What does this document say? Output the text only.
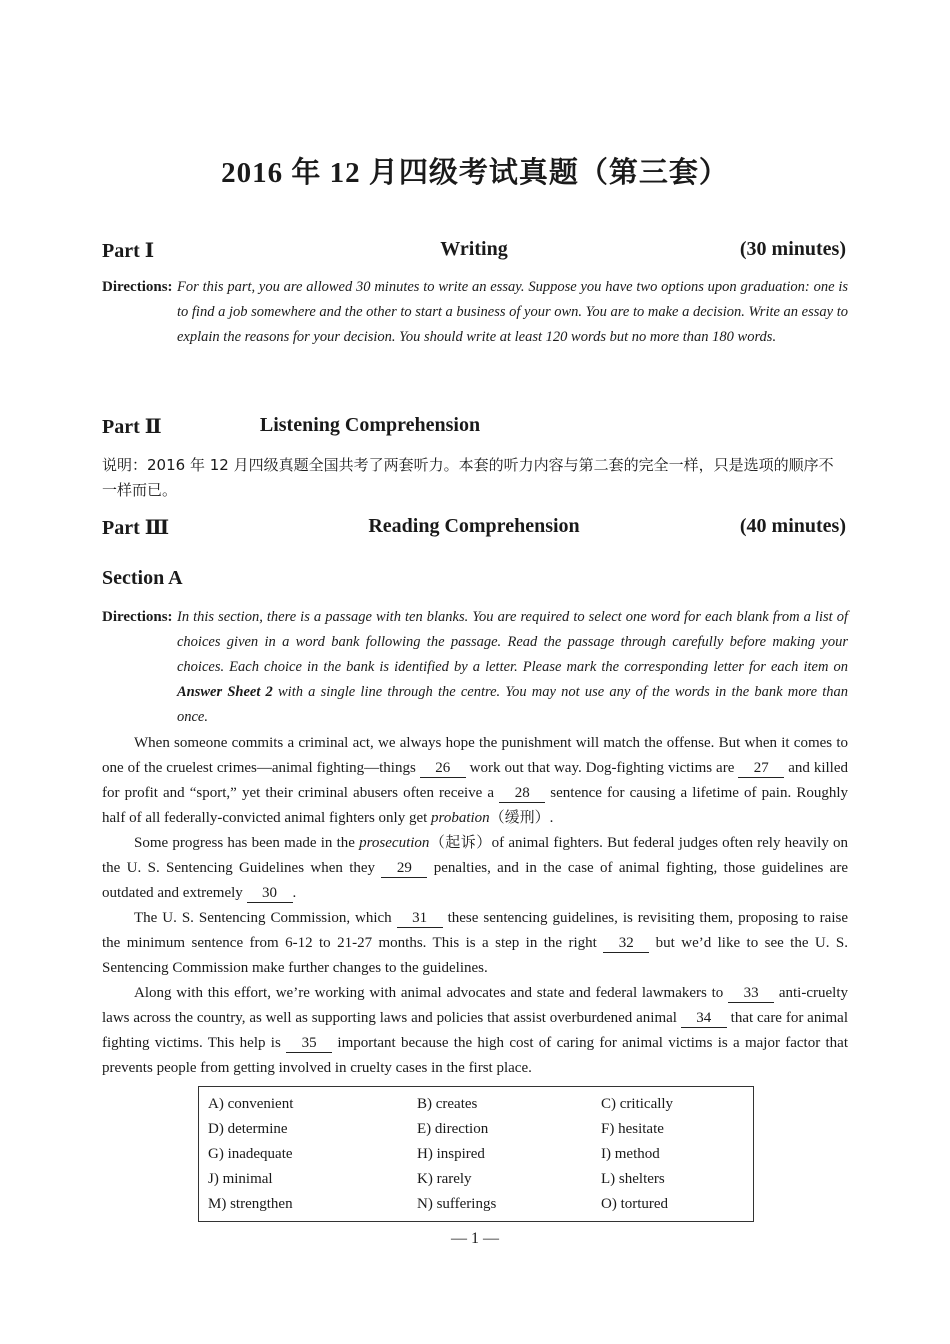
2016 年 12 月四级考试真题（第三套）
Part Ⅰ	Writing	(30 minutes)
Directions: For this part, you are allowed 30 minutes to write an essay. Suppose you have two options upon graduation: one is to find a job somewhere and the other to start a business of your own. You are to make a decision. Write an essay to explain the reasons for your decision. You should write at least 120 words but no more than 180 words.
Part Ⅱ	Listening Comprehension
说明：2016 年 12 月四级真题全国共考了两套听力。本套的听力内容与第二套的完全一样，只是选项的顺序不一样而已。
Part Ⅲ	Reading Comprehension	(40 minutes)
Section A
Directions: In this section, there is a passage with ten blanks. You are required to select one word for each blank from a list of choices given in a word bank following the passage. Read the passage through carefully before making your choices. Each choice in the bank is identified by a letter. Please mark the corresponding letter for each item on Answer Sheet 2 with a single line through the centre. You may not use any of the words in the bank more than once.

When someone commits a criminal act, we always hope the punishment will match the offense. But when it comes to one of the cruelest crimes—animal fighting—things 26 work out that way. Dog-fighting victims are 27 and killed for profit and “sport,” yet their criminal abusers often receive a 28 sentence for causing a lifetime of pain. Roughly half of all federally-convicted animal fighters only get probation（缓刑）.

Some progress has been made in the prosecution（起诉）of animal fighters. But federal judges often rely heavily on the U. S. Sentencing Guidelines when they 29 penalties, and in the case of animal fighting, those guidelines are outdated and extremely 30 .

The U. S. Sentencing Commission, which 31 these sentencing guidelines, is revisiting them, proposing to raise the minimum sentence from 6-12 to 21-27 months. This is a step in the right 32 but we’d like to see the U. S. Sentencing Commission make further changes to the guidelines.

Along with this effort, we’re working with animal advocates and state and federal lawmakers to 33 anti-cruelty laws across the country, as well as supporting laws and policies that assist overburdened animal 34 that care for animal fighting victims. This help is 35 important because the high cost of caring for animal victims is a major factor that prevents people from getting involved in cruelty cases in the first place.

A) convenient	B) creates	C) critically
D) determine	E) direction	F) hesitate
G) inadequate	H) inspired	I) method
J) minimal	K) rarely	L) shelters
M) strengthen	N) sufferings	O) tortured
— 1 —
